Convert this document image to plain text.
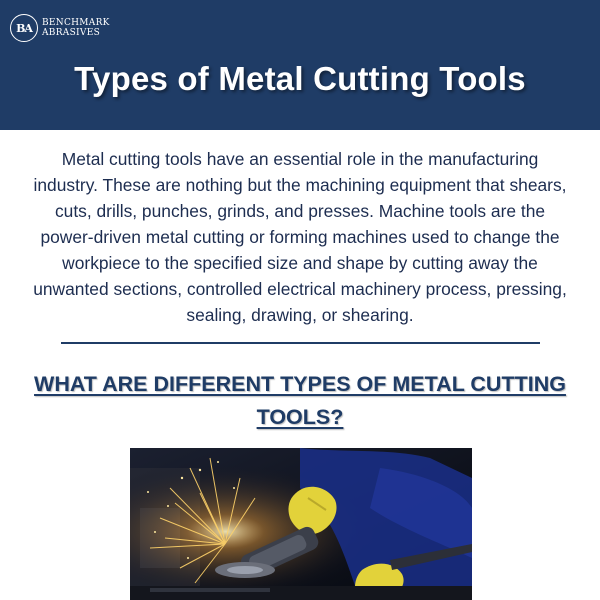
BA BENCHMARK
ABRASIVES
Types of Metal Cutting Tools
Metal cutting tools have an essential role in the manufacturing industry. These are nothing but the machining equipment that shears, cuts, drills, punches, grinds, and presses. Machine tools are the power-driven metal cutting or forming machines used to change the workpiece to the specified size and shape by cutting away the unwanted sections, controlled electrical machinery process, pressing, sealing, drawing, or shearing.
WHAT ARE DIFFERENT TYPES OF METAL CUTTING TOOLS?
